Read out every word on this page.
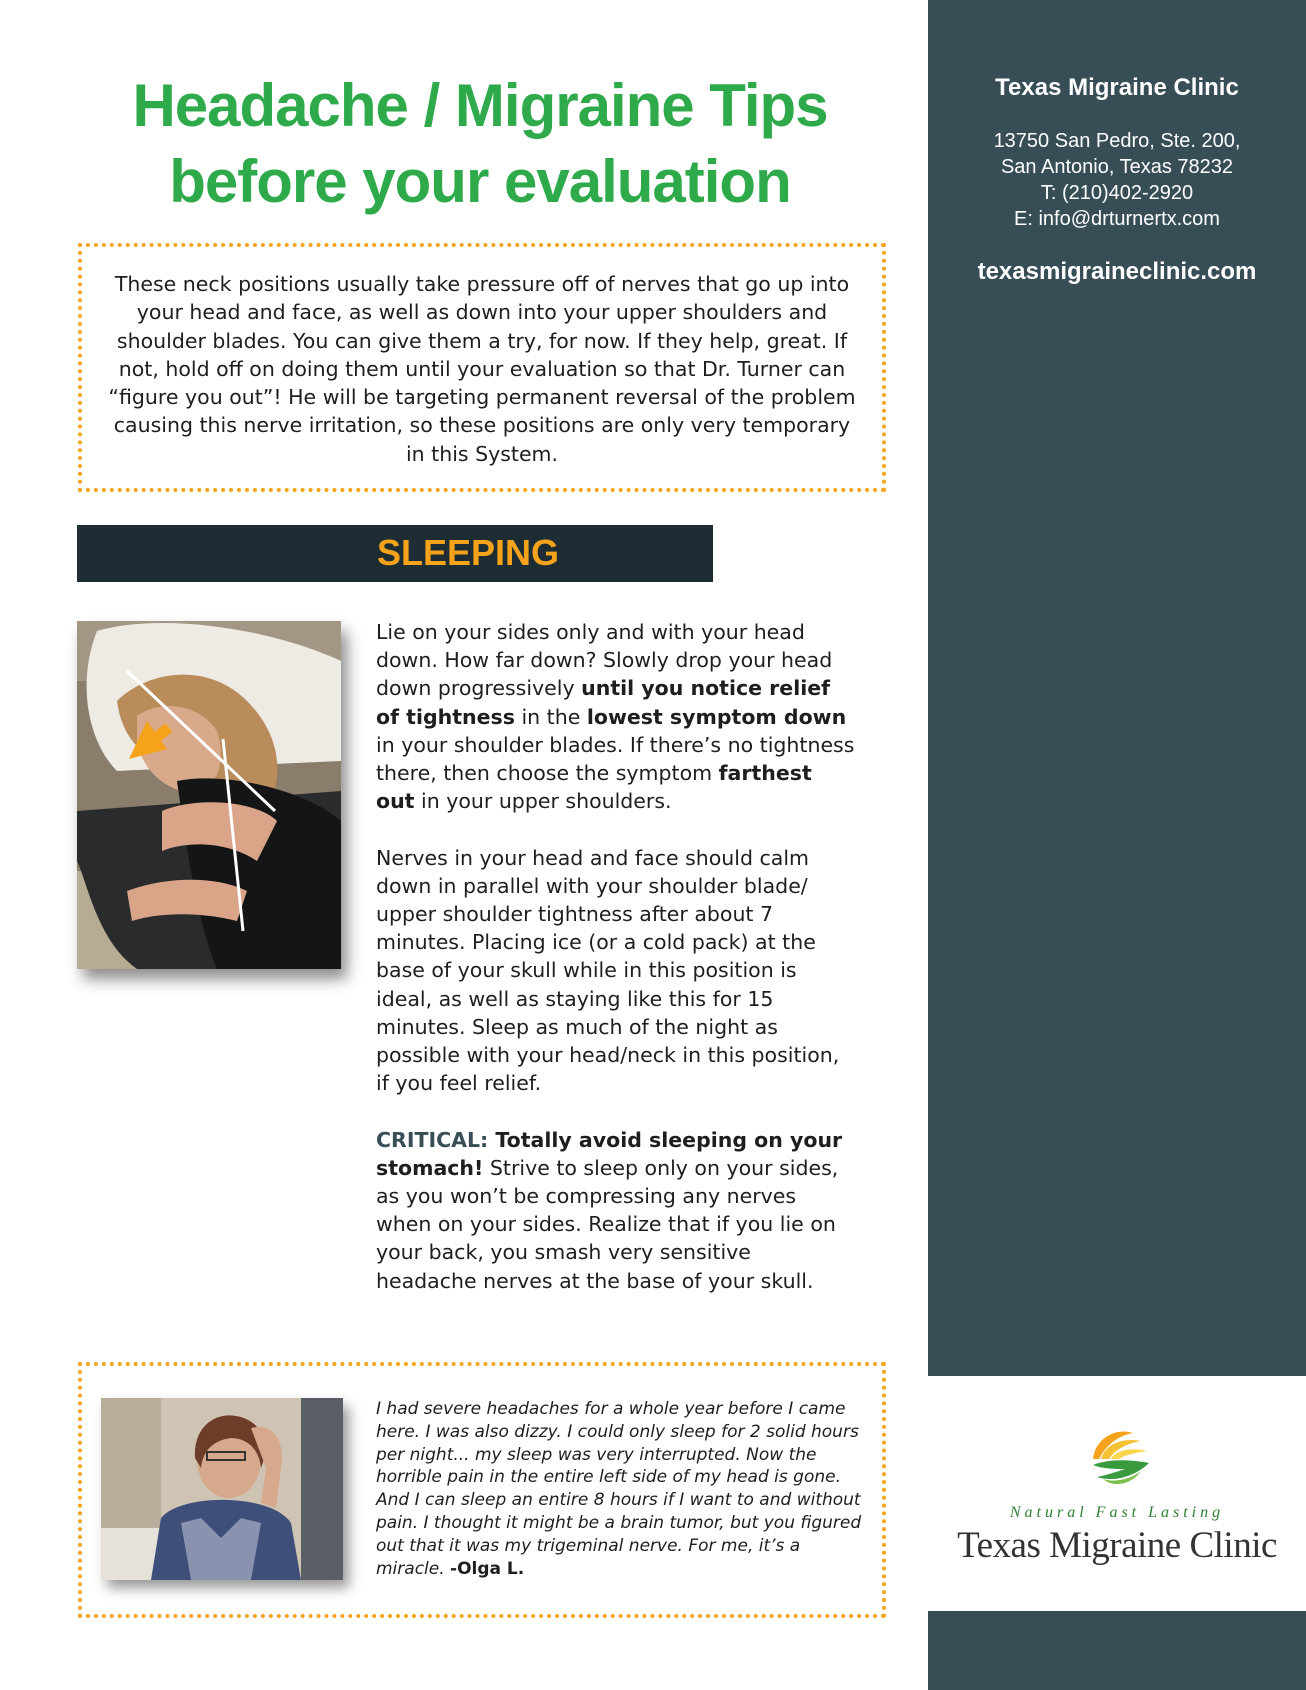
Texas Migraine Clinic
13750 San Pedro, Ste. 200,
San Antonio, Texas 78232
T: (210)402-2920
E: info@drturnertx.com
texasmigraineclinic.com
Natural Fast Lasting
Texas Migraine Clinic
Headache / Migraine Tips
before your evaluation
These neck positions usually take pressure off of nerves that go up into your head and face, as well as down into your upper shoulders and shoulder blades. You can give them a try, for now. If they help, great. If not, hold off on doing them until your evaluation so that Dr. Turner can “figure you out”! He will be targeting permanent reversal of the problem causing this nerve irritation, so these positions are only very temporary in this System.
SLEEPING

Lie on your sides only and with your head down. How far down? Slowly drop your head down progressively until you notice relief of tightness in the lowest symptom down in your shoulder blades. If there’s no tightness there, then choose the symptom farthest out in your upper shoulders.

Nerves in your head and face should calm down in parallel with your shoulder blade/ upper shoulder tightness after about 7 minutes. Placing ice (or a cold pack) at the base of your skull while in this position is ideal, as well as staying like this for 15 minutes. Sleep as much of the night as possible with your head/neck in this position, if you feel relief.

CRITICAL: Totally avoid sleeping on your stomach! Strive to sleep only on your sides, as you won’t be compressing any nerves when on your sides. Realize that if you lie on your back, you smash very sensitive headache nerves at the base of your skull.

I had severe headaches for a whole year before I came here. I was also dizzy. I could only sleep for 2 solid hours per night... my sleep was very interrupted. Now the horrible pain in the entire left side of my head is gone. And I can sleep an entire 8 hours if I want to and without pain. I thought it might be a brain tumor, but you figured out that it was my trigeminal nerve. For me, it’s a miracle. -Olga L.
